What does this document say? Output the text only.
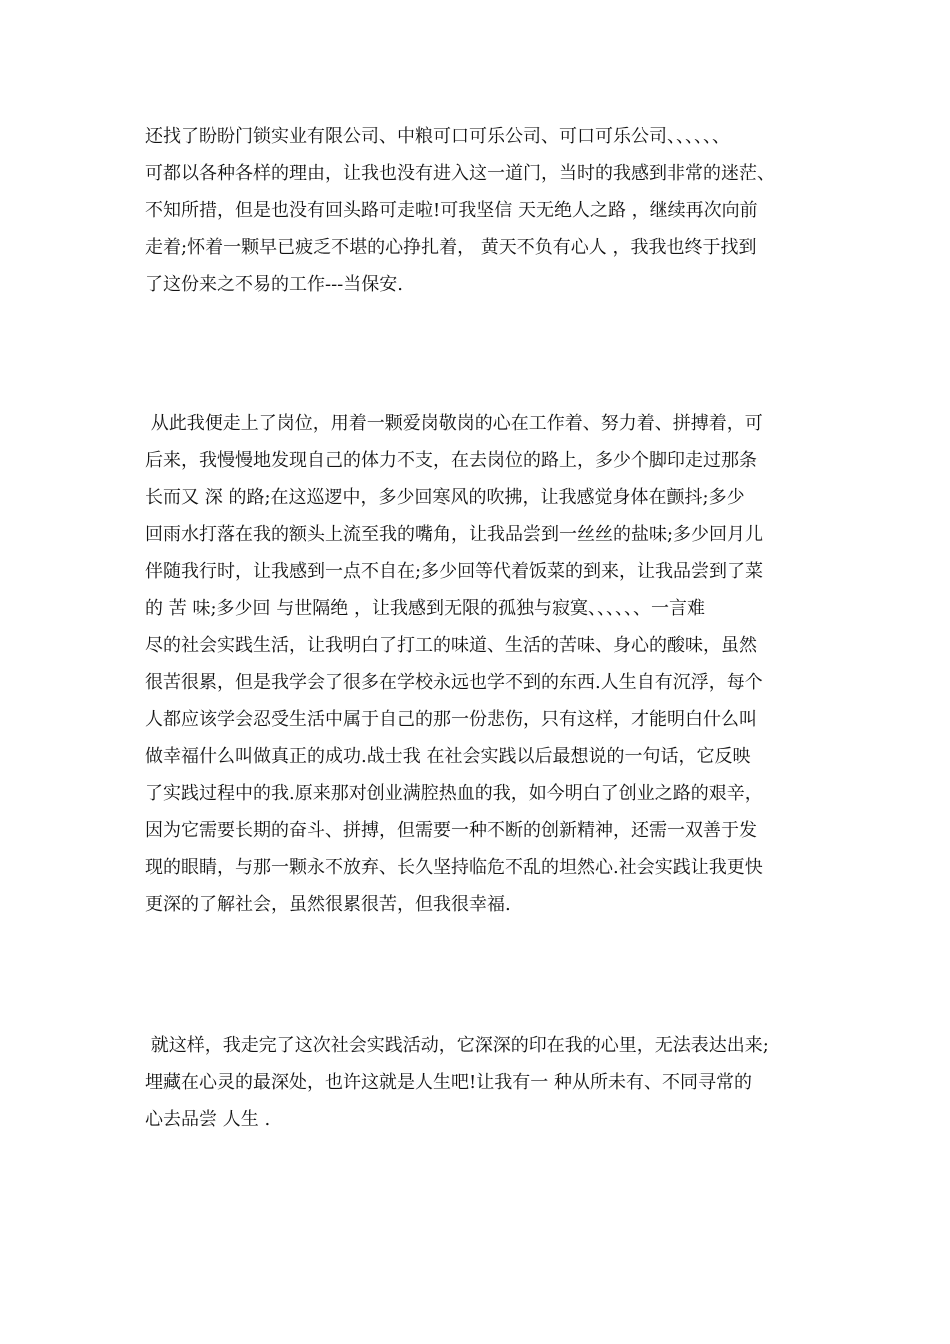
还找了盼盼门锁实业有限公司、中粮可口可乐公司、可口可乐公司、、、、、、
可都以各种各样的理由，让我也没有进入这一道门，当时的我感到非常的迷茫、
不知所措，但是也没有回头路可走啦!可我坚信 天无绝人之路 ，继续再次向前
走着;怀着一颗早已疲乏不堪的心挣扎着， 黄天不负有心人 ，我我也终于找到
了这份来之不易的工作---当保安.
从此我便走上了岗位，用着一颗爱岗敬岗的心在工作着、努力着、拼搏着，可
后来，我慢慢地发现自己的体力不支，在去岗位的路上，多少个脚印走过那条
长而又 深 的路;在这巡逻中，多少回寒风的吹拂，让我感觉身体在颤抖;多少
回雨水打落在我的额头上流至我的嘴角，让我品尝到一丝丝的盐味;多少回月儿
伴随我行时，让我感到一点不自在;多少回等代着饭菜的到来，让我品尝到了菜
的 苦 味;多少回 与世隔绝 ，让我感到无限的孤独与寂寞、、、、、、一言难
尽的社会实践生活，让我明白了打工的味道、生活的苦味、身心的酸味，虽然
很苦很累，但是我学会了很多在学校永远也学不到的东西.人生自有沉浮，每个
人都应该学会忍受生活中属于自己的那一份悲伤，只有这样，才能明白什么叫
做幸福什么叫做真正的成功.战士我 在社会实践以后最想说的一句话，它反映
了实践过程中的我.原来那对创业满腔热血的我，如今明白了创业之路的艰辛，
因为它需要长期的奋斗、拼搏，但需要一种不断的创新精神，还需一双善于发
现的眼睛，与那一颗永不放弃、长久坚持临危不乱的坦然心.社会实践让我更快
更深的了解社会，虽然很累很苦，但我很幸福.
就这样，我走完了这次社会实践活动，它深深的印在我的心里，无法表达出来;
埋藏在心灵的最深处，也许这就是人生吧!让我有一 种从所未有、不同寻常的
心去品尝 人生 .
